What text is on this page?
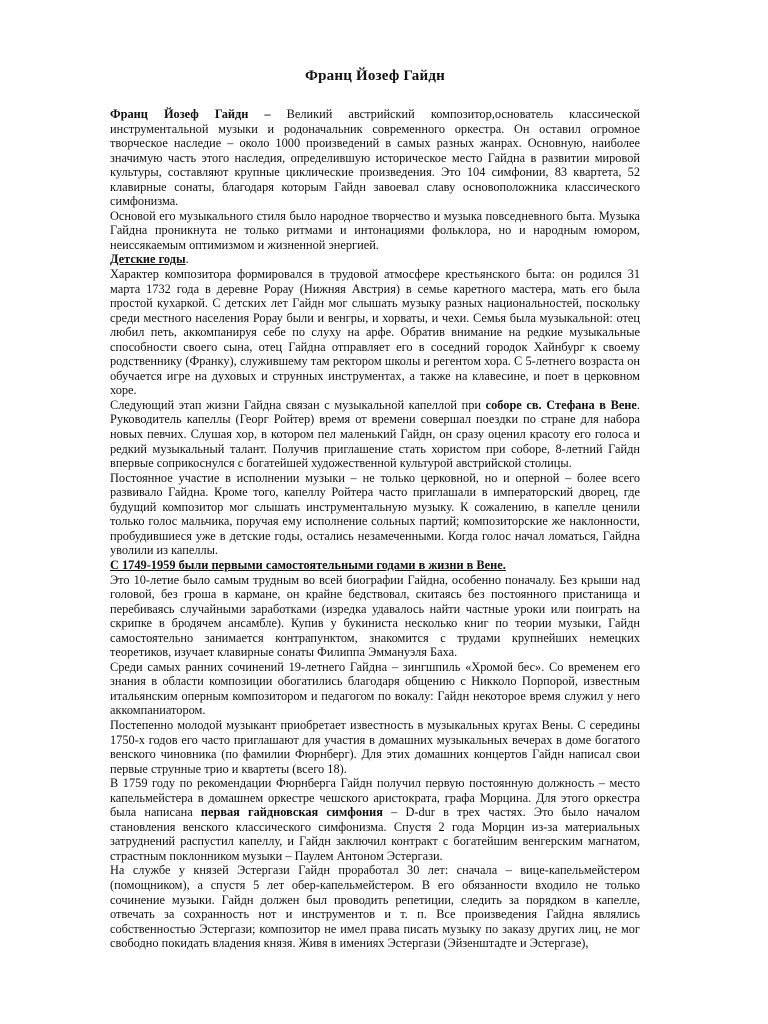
Франц Йозеф Гайдн

Франц Йозеф Гайдн – Великий австрийский композитор,основатель классической инструментальной музыки и родоначальник современного оркестра. Он оставил огромное творческое наследие – около 1000 произведений в самых разных жанрах. Основную, наиболее значимую часть этого наследия, определившую историческое место Гайдна в развитии мировой культуры, составляют крупные циклические произведения. Это 104 симфонии, 83 квартета, 52 клавирные сонаты, благодаря которым Гайдн завоевал славу основоположника классического симфонизма.

Основой его музыкального стиля было народное творчество и музыка повседневного быта. Музыка Гайдна проникнута не только ритмами и интонациями фольклора, но и народным юмором, неиссякаемым оптимизмом и жизненной энергией.

Детские годы.

Характер композитора формировался в трудовой атмосфере крестьянского быта: он родился 31 марта 1732 года в деревне Рорау (Нижняя Австрия) в семье каретного мастера, мать его была простой кухаркой. С детских лет Гайдн мог слышать музыку разных национальностей, поскольку среди местного населения Рорау были и венгры, и хорваты, и чехи. Семья была музыкальной: отец любил петь, аккомпанируя себе по слуху на арфе. Обратив внимание на редкие музыкальные способности своего сына, отец Гайдна отправляет его в соседний городок Хайнбург к своему родственнику (Франку), служившему там ректором школы и регентом хора. С 5-летнего возраста он обучается игре на духовых и струнных инструментах, а также на клавесине, и поет в церковном хоре.

Следующий этап жизни Гайдна связан с музыкальной капеллой при соборе св. Стефана в Вене. Руководитель капеллы (Георг Ройтер) время от времени совершал поездки по стране для набора новых певчих. Слушая хор, в котором пел маленький Гайдн, он сразу оценил красоту его голоса и редкий музыкальный талант. Получив приглашение стать хористом при соборе, 8-летний Гайдн впервые соприкоснулся с богатейшей художественной культурой австрийской столицы.

Постоянное участие в исполнении музыки – не только церковной, но и оперной – более всего развивало Гайдна. Кроме того, капеллу Ройтера часто приглашали в императорский дворец, где будущий композитор мог слышать инструментальную музыку. К сожалению, в капелле ценили только голос мальчика, поручая ему исполнение сольных партий; композиторские же наклонности, пробудившиеся уже в детские годы, остались незамеченными. Когда голос начал ломаться, Гайдна уволили из капеллы.

С 1749-1959 были первыми самостоятельными годами в жизни в Вене.

Это 10-летие было самым трудным во всей биографии Гайдна, особенно поначалу. Без крыши над головой, без гроша в кармане, он крайне бедствовал, скитаясь без постоянного пристанища и перебиваясь случайными заработками (изредка удавалось найти частные уроки или поиграть на скрипке в бродячем ансамбле). Купив у букиниста несколько книг по теории музыки, Гайдн самостоятельно занимается контрапунктом, знакомится с трудами крупнейших немецких теоретиков, изучает клавирные сонаты Филиппа Эммануэля Баха.

Среди самых ранних сочинений 19-летнего Гайдна – зингшпиль «Хромой бес». Со временем его знания в области композиции обогатились благодаря общению с Никколо Порпорой, известным итальянским оперным композитором и педагогом по вокалу: Гайдн некоторое время служил у него аккомпаниатором.

Постепенно молодой музыкант приобретает известность в музыкальных кругах Вены. С середины 1750-х годов его часто приглашают для участия в домашних музыкальных вечерах в доме богатого венского чиновника (по фамилии Фюрнберг). Для этих домашних концертов Гайдн написал свои первые струнные трио и квартеты (всего 18).

В 1759 году по рекомендации Фюрнберга Гайдн получил первую постоянную должность – место капельмейстера в домашнем оркестре чешского аристократа, графа Морцина. Для этого оркестра была написана первая гайдновская симфония – D-dur в трех частях. Это было началом становления венского классического симфонизма. Спустя 2 года Морцин из-за материальных затруднений распустил капеллу, и Гайдн заключил контракт с богатейшим венгерским магнатом, страстным поклонником музыки – Паулем Антоном Эстергази.

На службе у князей Эстергази Гайдн проработал 30 лет: сначала – вице-капельмейстером (помощником), а спустя 5 лет обер-капельмейстером. В его обязанности входило не только сочинение музыки. Гайдн должен был проводить репетиции, следить за порядком в капелле, отвечать за сохранность нот и инструментов и т. п. Все произведения Гайдна являлись собственностью Эстергази; композитор не имел права писать музыку по заказу других лиц, не мог свободно покидать владения князя. Живя в имениях Эстергази (Эйзенштадте и Эстергазе),
